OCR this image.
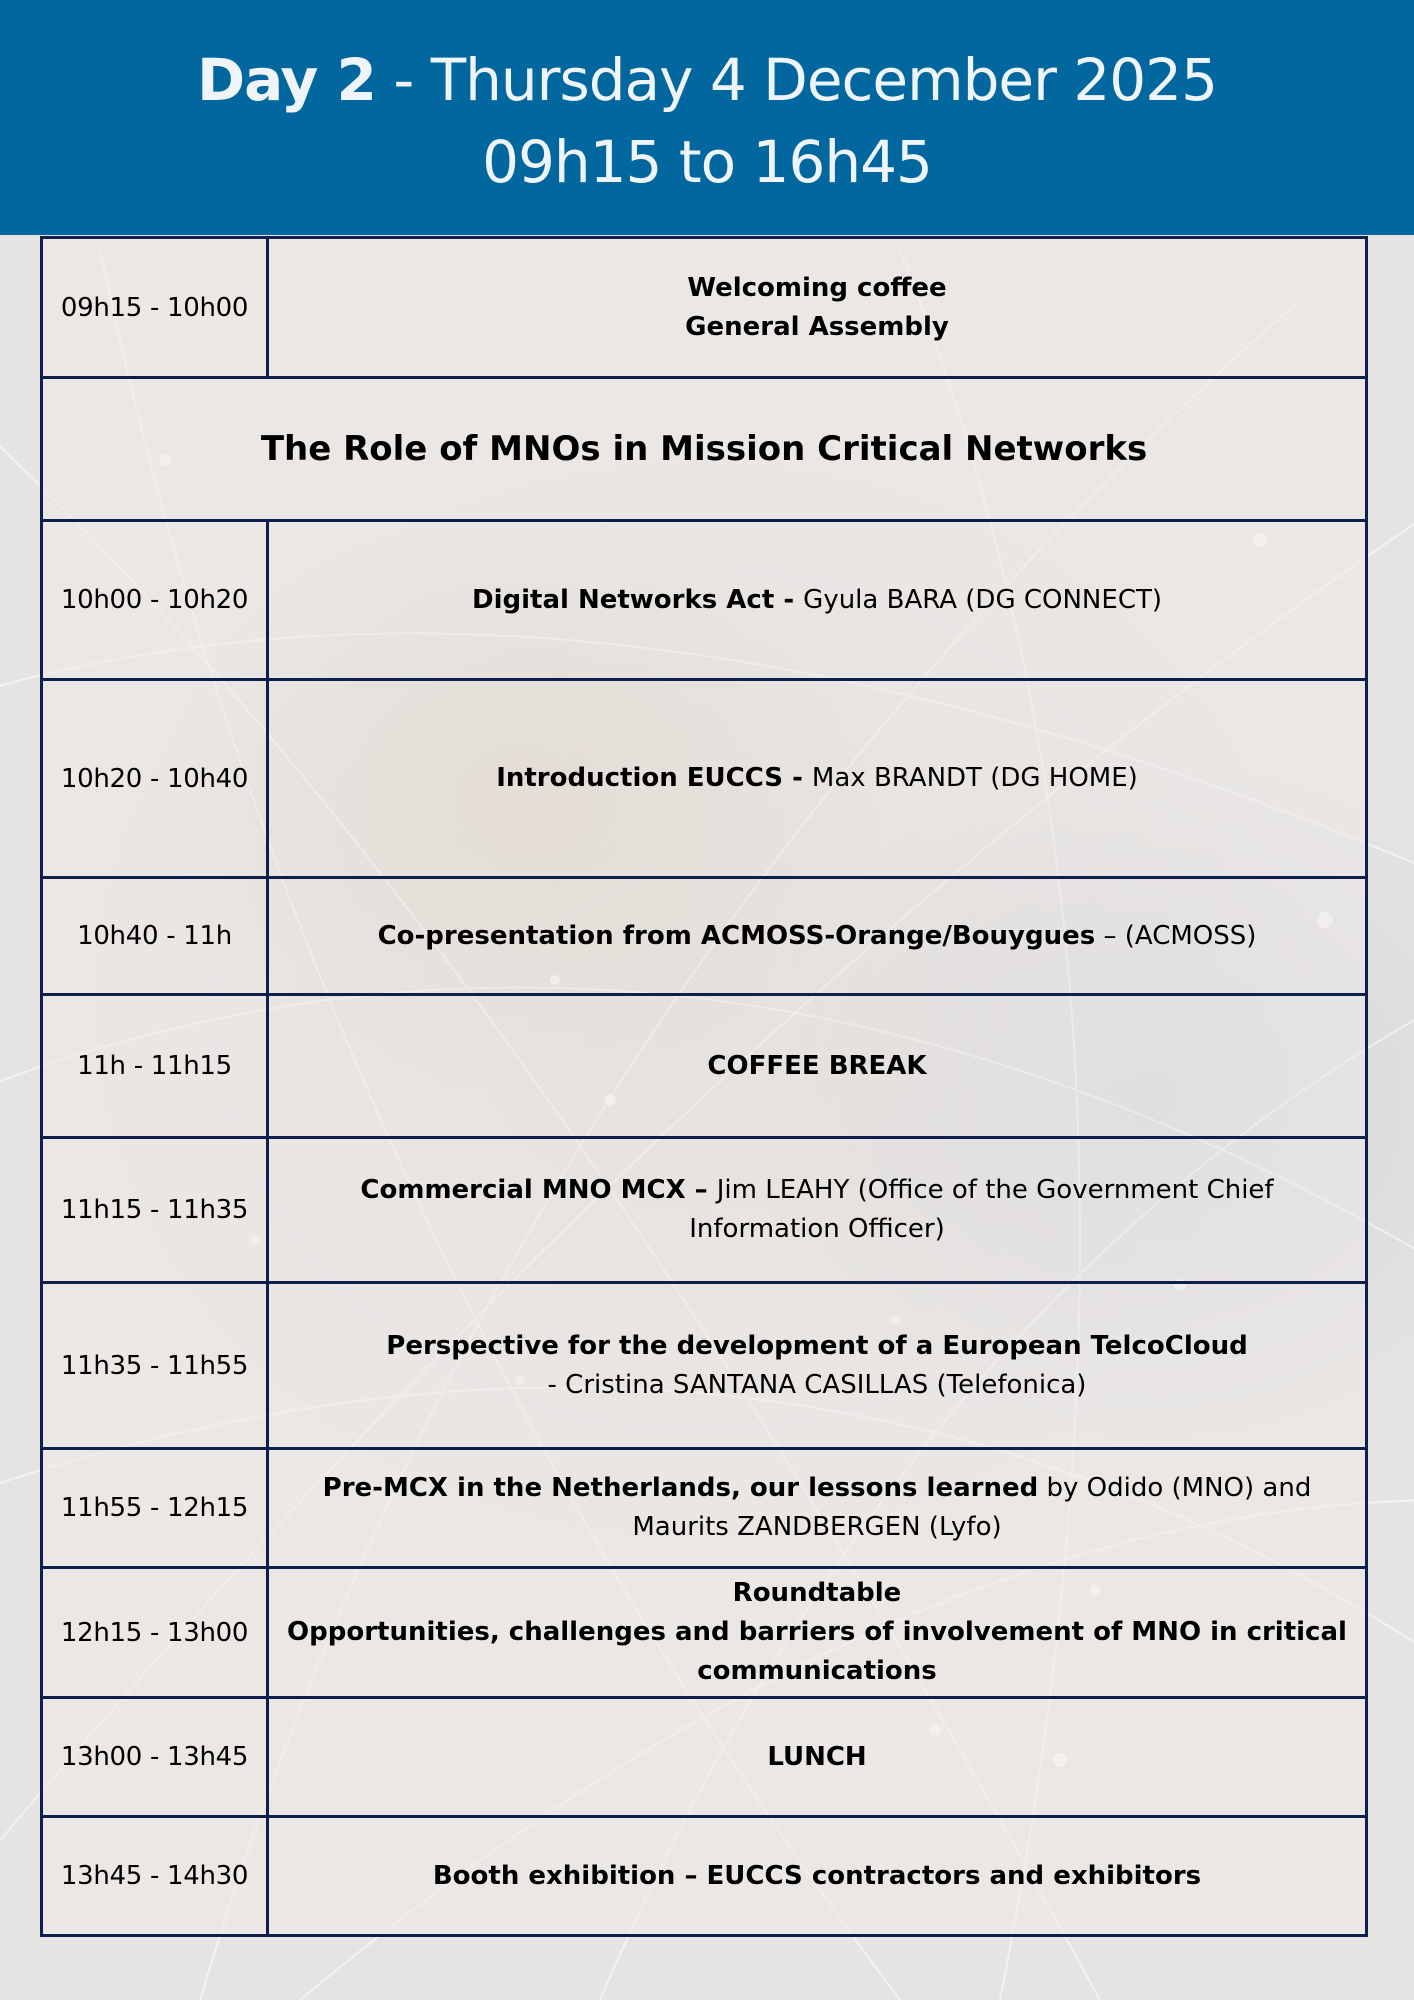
Day 2 - Thursday 4 December 2025
09h15 to 16h45
09h15 - 10h00	Welcoming coffee
General Assembly

The Role of MNOs in Mission Critical Networks	
10h00 - 10h20	Digital Networks Act - Gyula BARA (DG CONNECT)
10h20 - 10h40	Introduction EUCCS - Max BRANDT (DG HOME)
10h40 - 11h	Co-presentation from ACMOSS-Orange/Bouygues – (ACMOSS)
11h - 11h15	COFFEE BREAK
11h15 - 11h35	Commercial MNO MCX – Jim LEAHY (Office of the Government Chief Information Officer)
11h35 - 11h55	Perspective for the development of a European TelcoCloud
- Cristina SANTANA CASILLAS (Telefonica)

11h55 - 12h15	Pre-MCX in the Netherlands, our lessons learned by Odido (MNO) and Maurits ZANDBERGEN (Lyfo)
12h15 - 13h00	Roundtable
Opportunities, challenges and barriers of involvement of MNO in critical communications

13h00 - 13h45	LUNCH
13h45 - 14h30	Booth exhibition – EUCCS contractors and exhibitors
